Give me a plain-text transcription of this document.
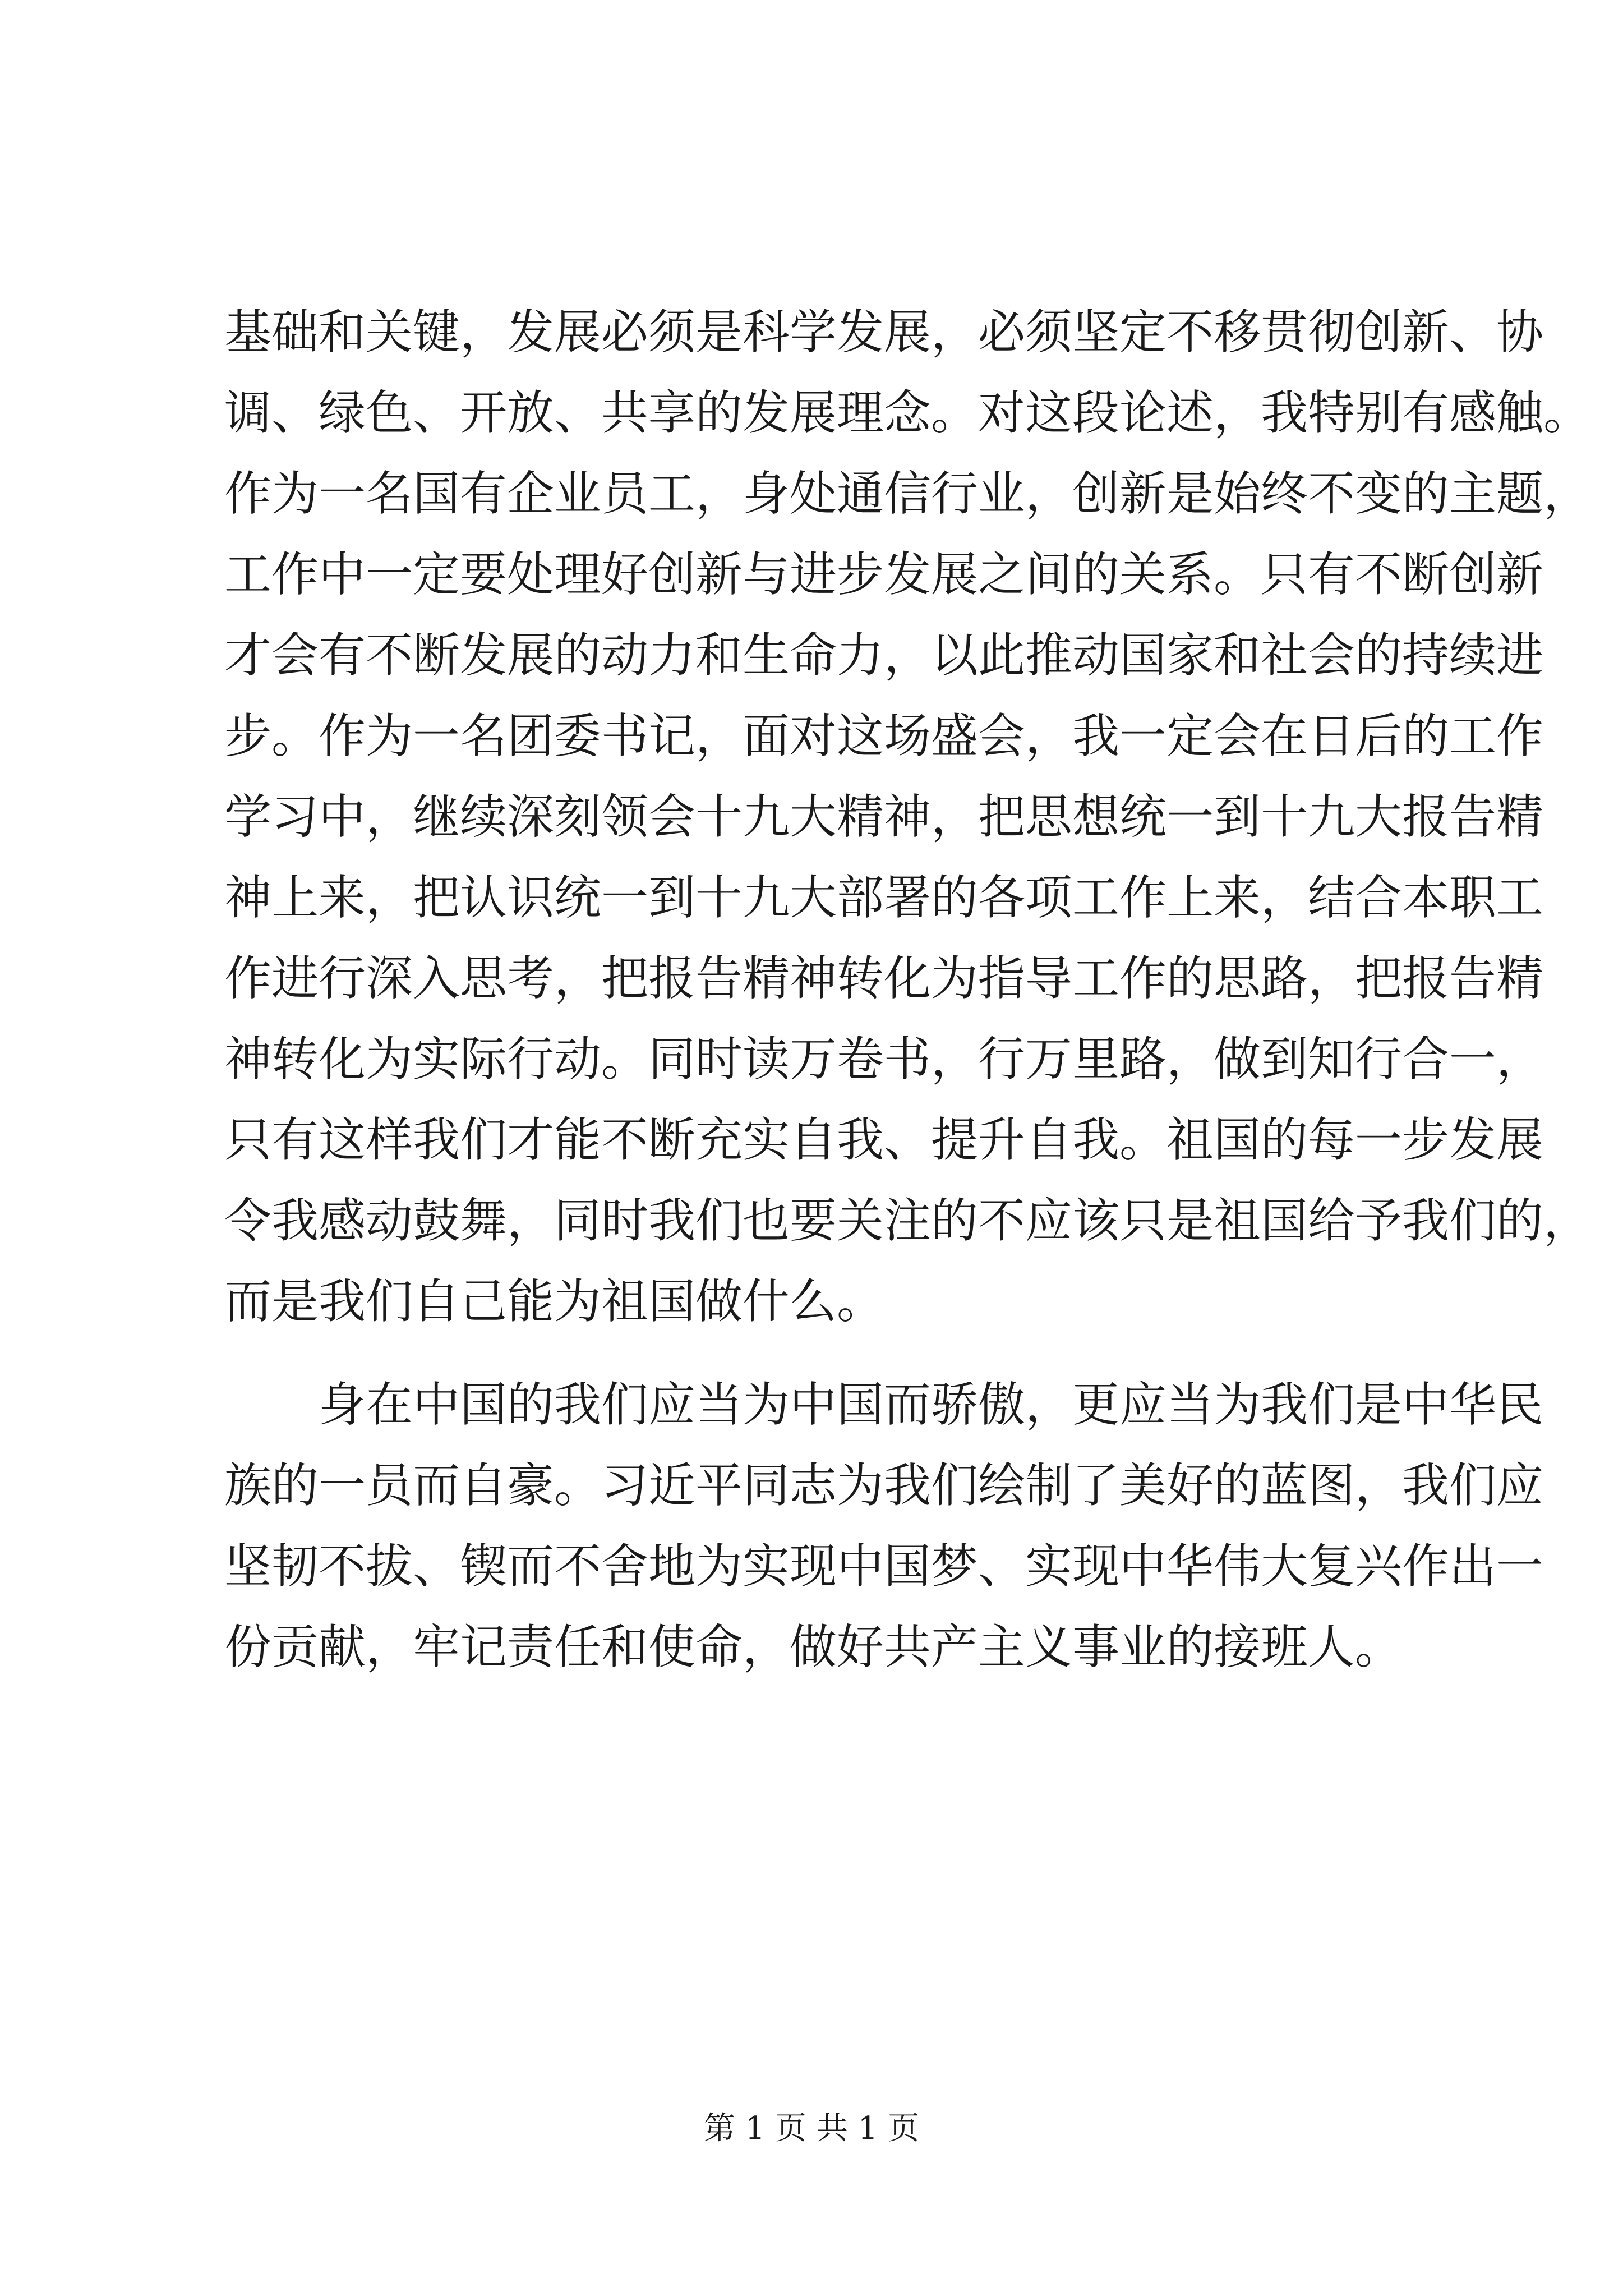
基础和关键，发展必须是科学发展，必须坚定不移贯彻创新、协
调、绿色、开放、共享的发展理念。对这段论述，我特别有感触。
作为一名国有企业员工，身处通信行业，创新是始终不变的主题，
工作中一定要处理好创新与进步发展之间的关系。只有不断创新
才会有不断发展的动力和生命力，以此推动国家和社会的持续进
步。作为一名团委书记，面对这场盛会，我一定会在日后的工作
学习中，继续深刻领会十九大精神，把思想统一到十九大报告精
神上来，把认识统一到十九大部署的各项工作上来，结合本职工
作进行深入思考，把报告精神转化为指导工作的思路，把报告精
神转化为实际行动。同时读万卷书，行万里路，做到知行合一，
只有这样我们才能不断充实自我、提升自我。祖国的每一步发展
令我感动鼓舞，同时我们也要关注的不应该只是祖国给予我们的，
而是我们自己能为祖国做什么。
身在中国的我们应当为中国而骄傲，更应当为我们是中华民
族的一员而自豪。习近平同志为我们绘制了美好的蓝图，我们应
坚韧不拔、锲而不舍地为实现中国梦、实现中华伟大复兴作出一
份贡献，牢记责任和使命，做好共产主义事业的接班人。
第 1 页 共 1 页
